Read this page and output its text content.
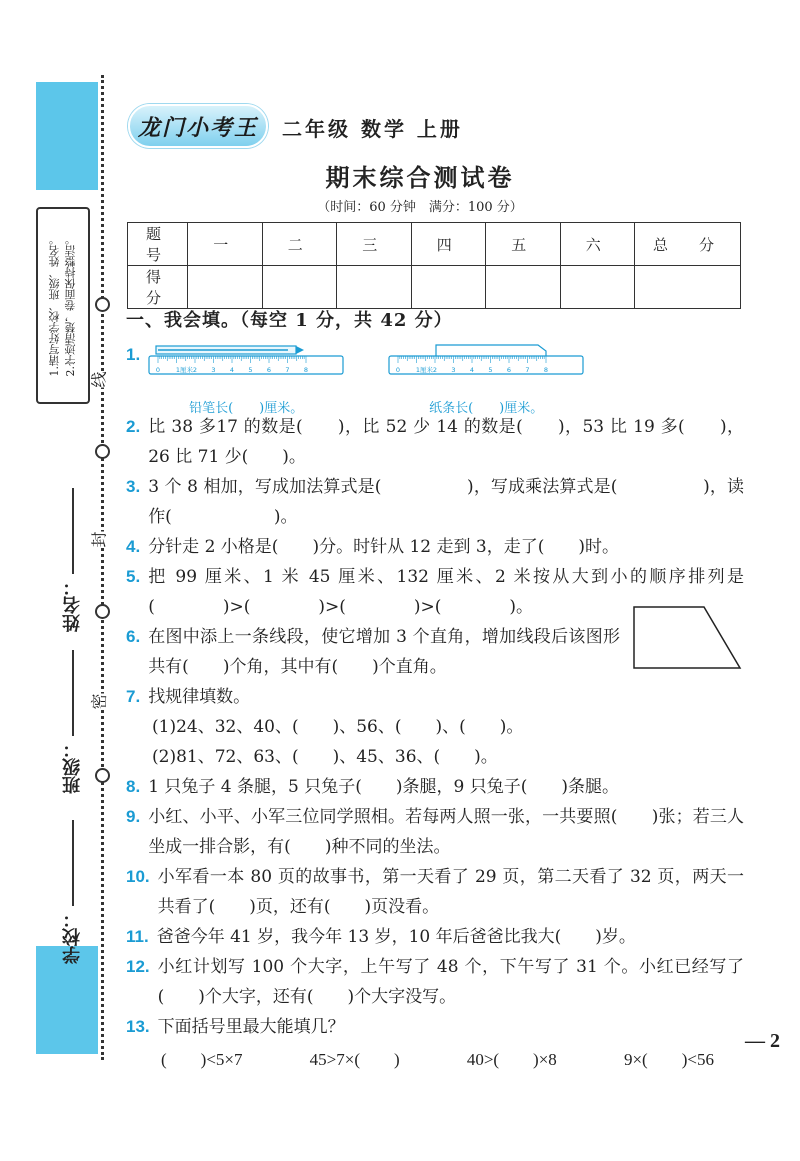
线
封
密
1.请写好学校、班级、姓名。 2.字迹清楚，卷面保持整洁。
姓名：
班级：
学校：
龙门小考王 二年级 数学 上册
期末综合测试卷
（时间：60 分钟　满分：100 分）
题　号	一	二	三	四	五	六	总　分
得　分							
一、我会填。（每空 1 分，共 42 分）
1.
0 1厘米 2 3 4 5 6 7 8
铅笔长(　　)厘米。
0 1厘米 2 3 4 5 6 7 8
纸条长(　　)厘米。
2. 比 38 多17 的数是(　　)，比 52 少 14 的数是(　　)，53 比 19 多(　　)，26 比 71 少(　　)。
3. 3 个 8 相加，写成加法算式是(　　　　　)，写成乘法算式是(　　　　　)，读作(　　　　　　)。
4. 分针走 2 小格是(　　)分。时针从 12 走到 3，走了(　　)时。
5. 把 99 厘米、1 米 45 厘米、132 厘米、2 米按从大到小的顺序排列是(　　　　)>(　　　　)>(　　　　)>(　　　　)。
6. 在图中添上一条线段，使它增加 3 个直角，增加线段后该图形共有(　　)个角，其中有(　　)个直角。
7. 找规律填数。
(1)24、32、40、(　　)、56、(　　)、(　　)。
(2)81、72、63、(　　)、45、36、(　　)。
8. 1 只兔子 4 条腿，5 只兔子(　　)条腿，9 只兔子(　　)条腿。
9. 小红、小平、小军三位同学照相。若每两人照一张，一共要照(　　)张；若三人坐成一排合影，有(　　)种不同的坐法。
10. 小军看一本 80 页的故事书，第一天看了 29 页，第二天看了 32 页，两天一共看了(　　)页，还有(　　)页没看。
11. 爸爸今年 41 岁，我今年 13 岁，10 年后爸爸比我大(　　)岁。
12. 小红计划写 100 个大字，上午写了 48 个，下午写了 31 个。小红已经写了(　　)个大字，还有(　　)个大字没写。
13. 下面括号里最大能填几？
(　　)<5×7	45>7×(　　)	40>(　　)×8	9×(　　)<56
— 2
